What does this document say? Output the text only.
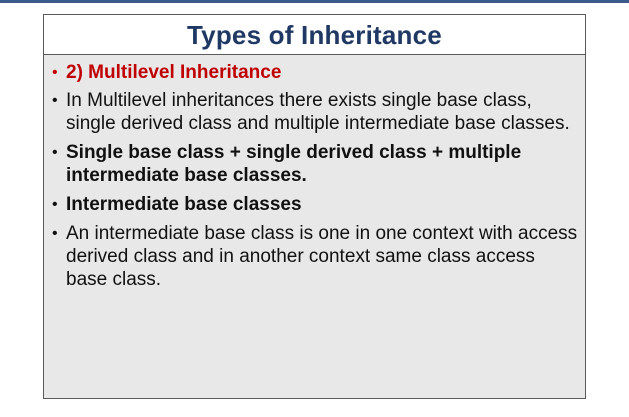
Types of Inheritance
• 2) Multilevel Inheritance
• In Multilevel inheritances there exists single base class, single derived class and multiple intermediate base classes.
• Single base class + single derived class + multiple intermediate base classes.
• Intermediate base classes
• An intermediate base class is one in one context with access derived class and in another context same class access base class.
